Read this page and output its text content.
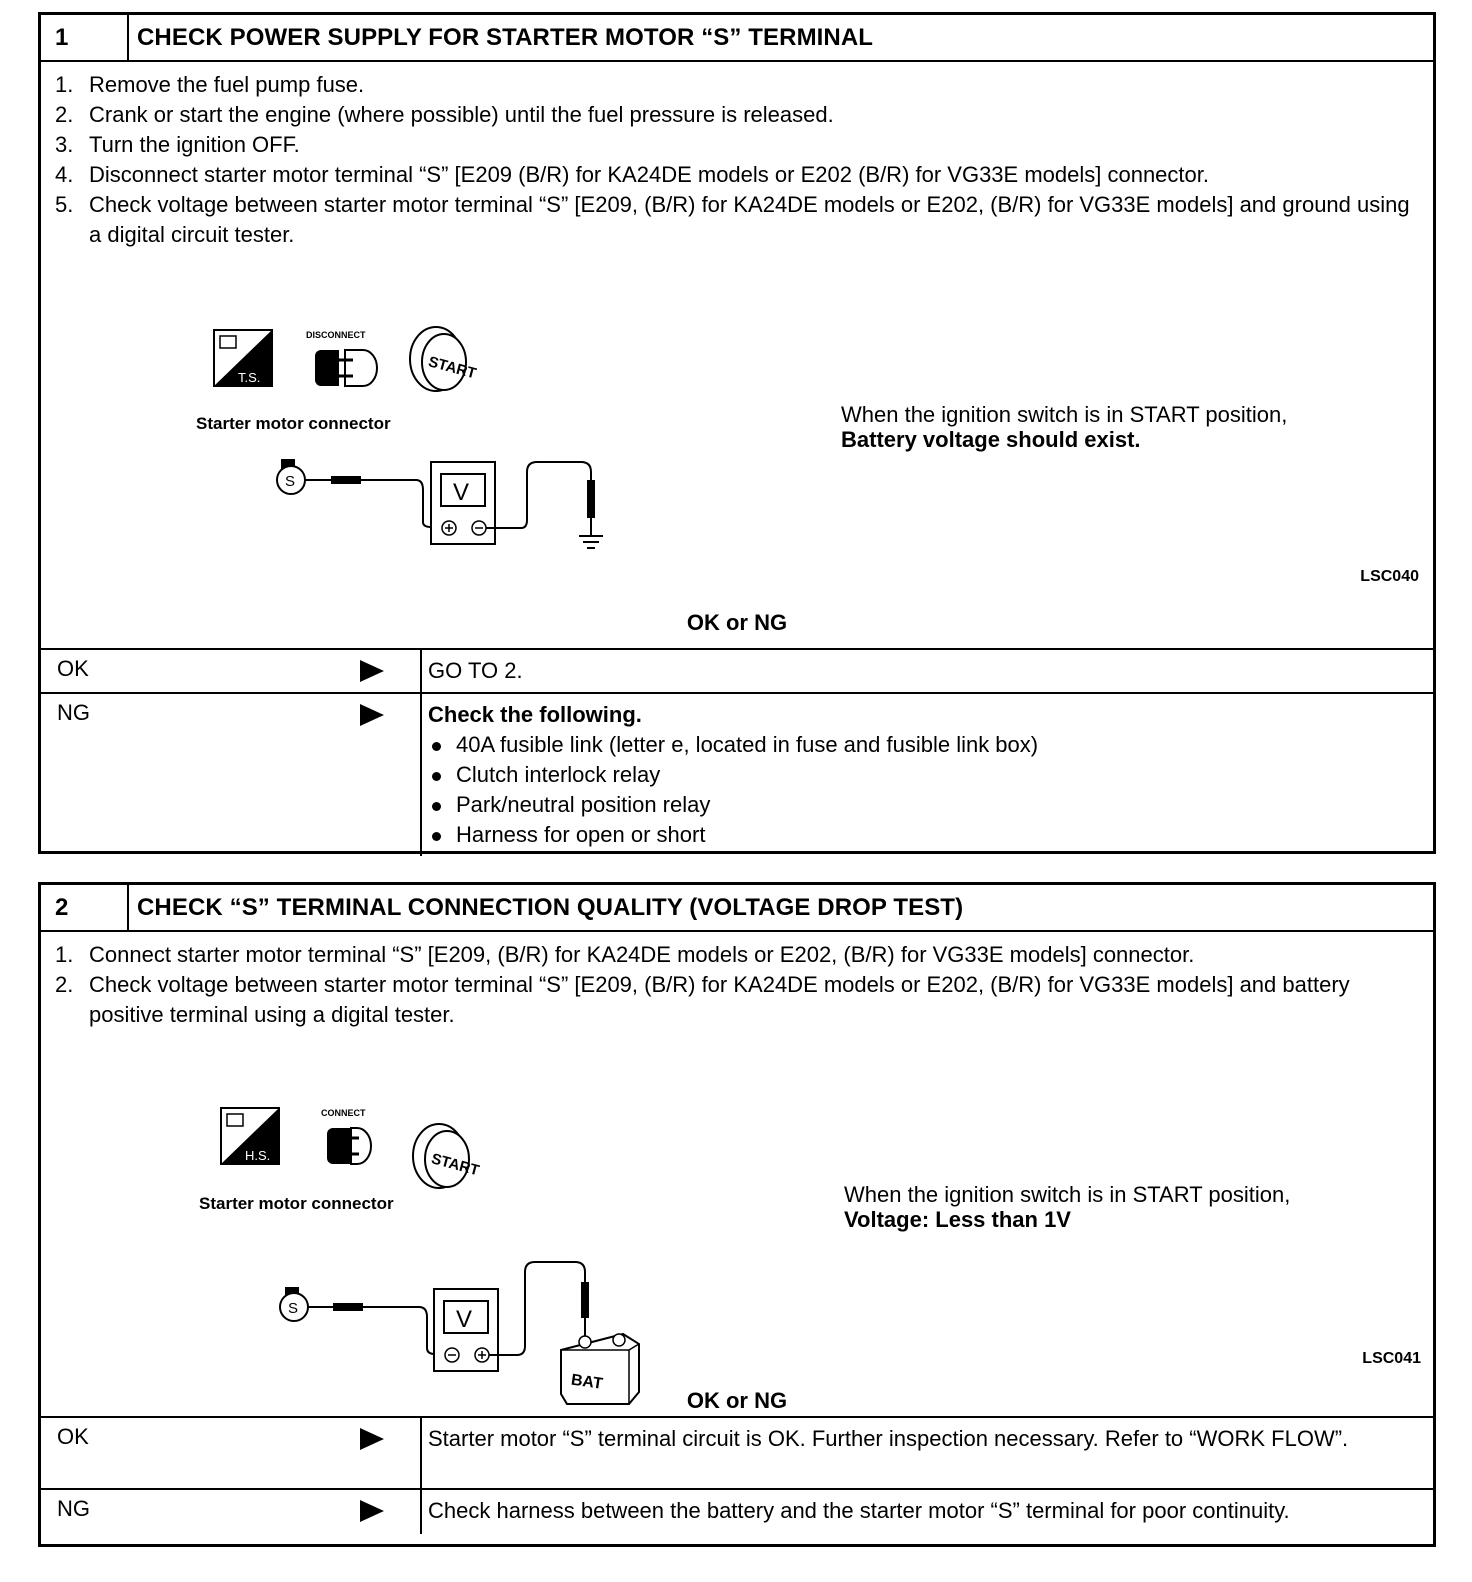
1	CHECK POWER SUPPLY FOR STARTER MOTOR “S” TERMINAL
1. Remove the fuel pump fuse.
2. Crank or start the engine (where possible) until the fuel pressure is released.
3. Turn the ignition OFF.
4. Disconnect starter motor terminal “S” [E209 (B/R) for KA24DE models or E202 (B/R) for VG33E models] connector.
5. Check voltage between starter motor terminal “S” [E209, (B/R) for KA24DE models or E202, (B/R) for VG33E models] and ground using a digital circuit tester.
T.S.
DISCONNECT
START
S	V
Starter motor connector	When the ignition switch is in START position,
Battery voltage should exist.
LSC040
OK or NG
OK	GO TO 2.
NG	Check the following.
40A fusible link (letter e, located in fuse and fusible link box)
Clutch interlock relay
Park/neutral position relay
Harness for open or short
2	CHECK “S” TERMINAL CONNECTION QUALITY (VOLTAGE DROP TEST)
1. Connect starter motor terminal “S” [E209, (B/R) for KA24DE models or E202, (B/R) for VG33E models] connector.
2. Check voltage between starter motor terminal “S” [E209, (B/R) for KA24DE models or E202, (B/R) for VG33E models] and battery positive terminal using a digital tester.
H.S.
CONNECT
START
S	V
BAT
Starter motor connector	When the ignition switch is in START position,
Voltage: Less than 1V
LSC041
OK or NG
OK	Starter motor “S” terminal circuit is OK. Further inspection necessary. Refer to “WORK FLOW”.
NG	Check harness between the battery and the starter motor “S” terminal for poor continuity.
